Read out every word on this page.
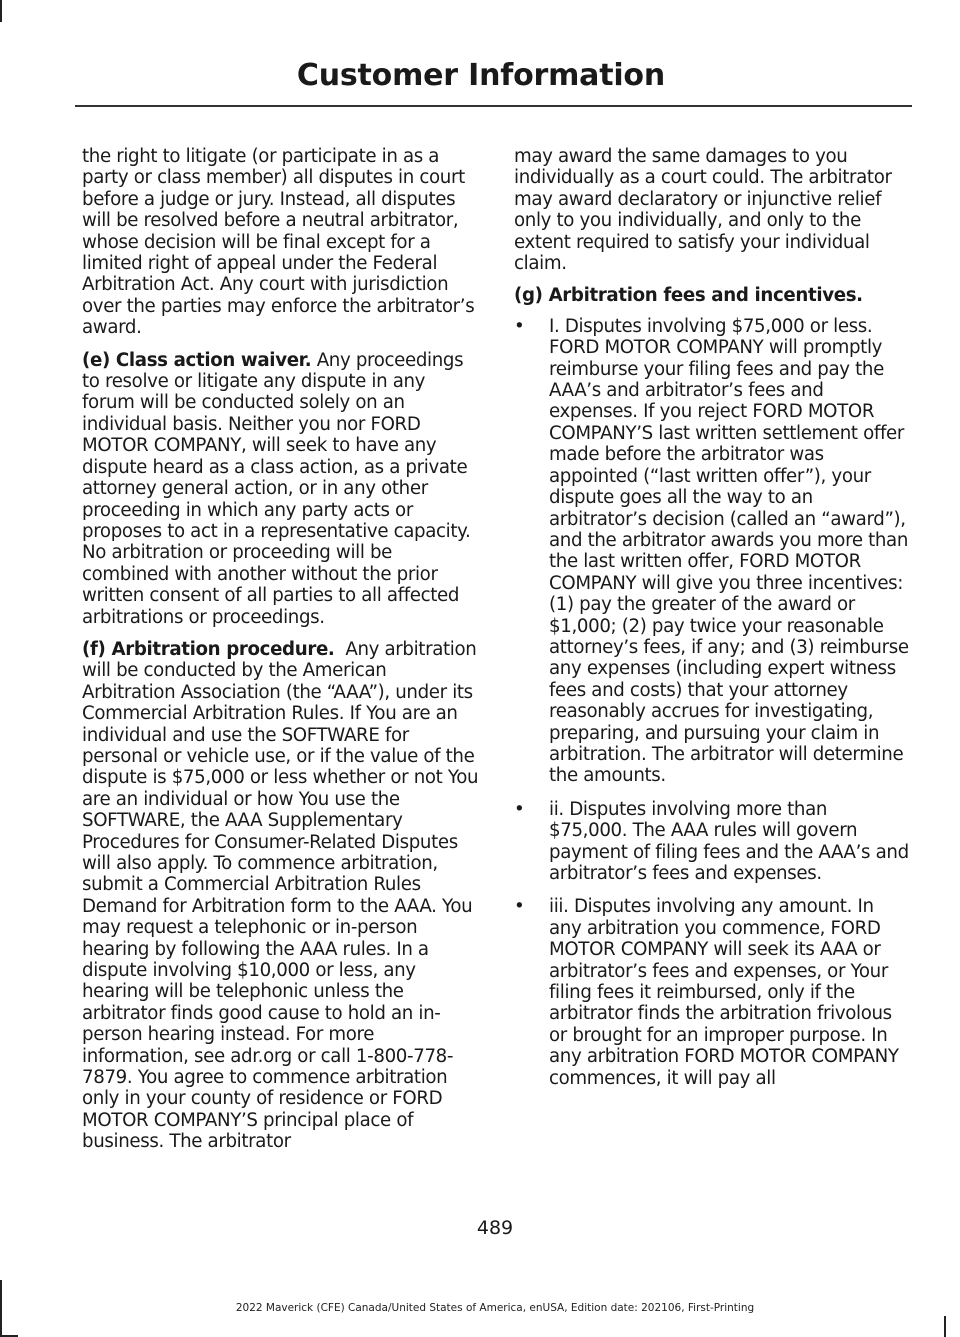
Customer Information

the right to litigate (or participate in as a party or class member) all disputes in court before a judge or jury. Instead, all disputes will be resolved before a neutral arbitrator, whose decision will be final except for a limited right of appeal under the Federal Arbitration Act. Any court with jurisdiction over the parties may enforce the arbitrator’s award.

(e) Class action waiver. Any proceedings to resolve or litigate any dispute in any forum will be conducted solely on an individual basis. Neither you nor FORD MOTOR COMPANY, will seek to have any dispute heard as a class action, as a private attorney general action, or in any other proceeding in which any party acts or proposes to act in a representative capacity. No arbitration or proceeding will be combined with another without the prior written consent of all parties to all affected arbitrations or proceedings.

(f) Arbitration procedure. Any arbitration will be conducted by the American Arbitration Association (the “AAA”), under its Commercial Arbitration Rules. If You are an individual and use the SOFTWARE for personal or vehicle use, or if the value of the dispute is $75,000 or less whether or not You are an individual or how You use the SOFTWARE, the AAA Supplementary Procedures for Consumer-Related Disputes will also apply. To commence arbitration, submit a Commercial Arbitration Rules Demand for Arbitration form to the AAA. You may request a telephonic or in-person hearing by following the AAA rules. In a dispute involving $10,000 or less, any hearing will be telephonic unless the arbitrator finds good cause to hold an in-person hearing instead. For more information, see adr.org or call 1-800-778-7879. You agree to commence arbitration only in your county of residence or FORD MOTOR COMPANY’S principal place of business. The arbitrator

may award the same damages to you individually as a court could. The arbitrator may award declaratory or injunctive relief only to you individually, and only to the extent required to satisfy your individual claim.

(g) Arbitration fees and incentives.

• I. Disputes involving $75,000 or less. FORD MOTOR COMPANY will promptly reimburse your filing fees and pay the AAA’s and arbitrator’s fees and expenses. If you reject FORD MOTOR COMPANY’S last written settlement offer made before the arbitrator was appointed (“last written offer”), your dispute goes all the way to an arbitrator’s decision (called an “award”), and the arbitrator awards you more than the last written offer, FORD MOTOR COMPANY will give you three incentives: (1) pay the greater of the award or $1,000; (2) pay twice your reasonable attorney’s fees, if any; and (3) reimburse any expenses (including expert witness fees and costs) that your attorney reasonably accrues for investigating, preparing, and pursuing your claim in arbitration. The arbitrator will determine the amounts.
• ii. Disputes involving more than $75,000. The AAA rules will govern payment of filing fees and the AAA’s and arbitrator’s fees and expenses.
• iii. Disputes involving any amount. In any arbitration you commence, FORD MOTOR COMPANY will seek its AAA or arbitrator’s fees and expenses, or Your filing fees it reimbursed, only if the arbitrator finds the arbitration frivolous or brought for an improper purpose. In any arbitration FORD MOTOR COMPANY commences, it will pay all
489
2022 Maverick (CFE) Canada/United States of America, enUSA, Edition date: 202106, First-Printing
